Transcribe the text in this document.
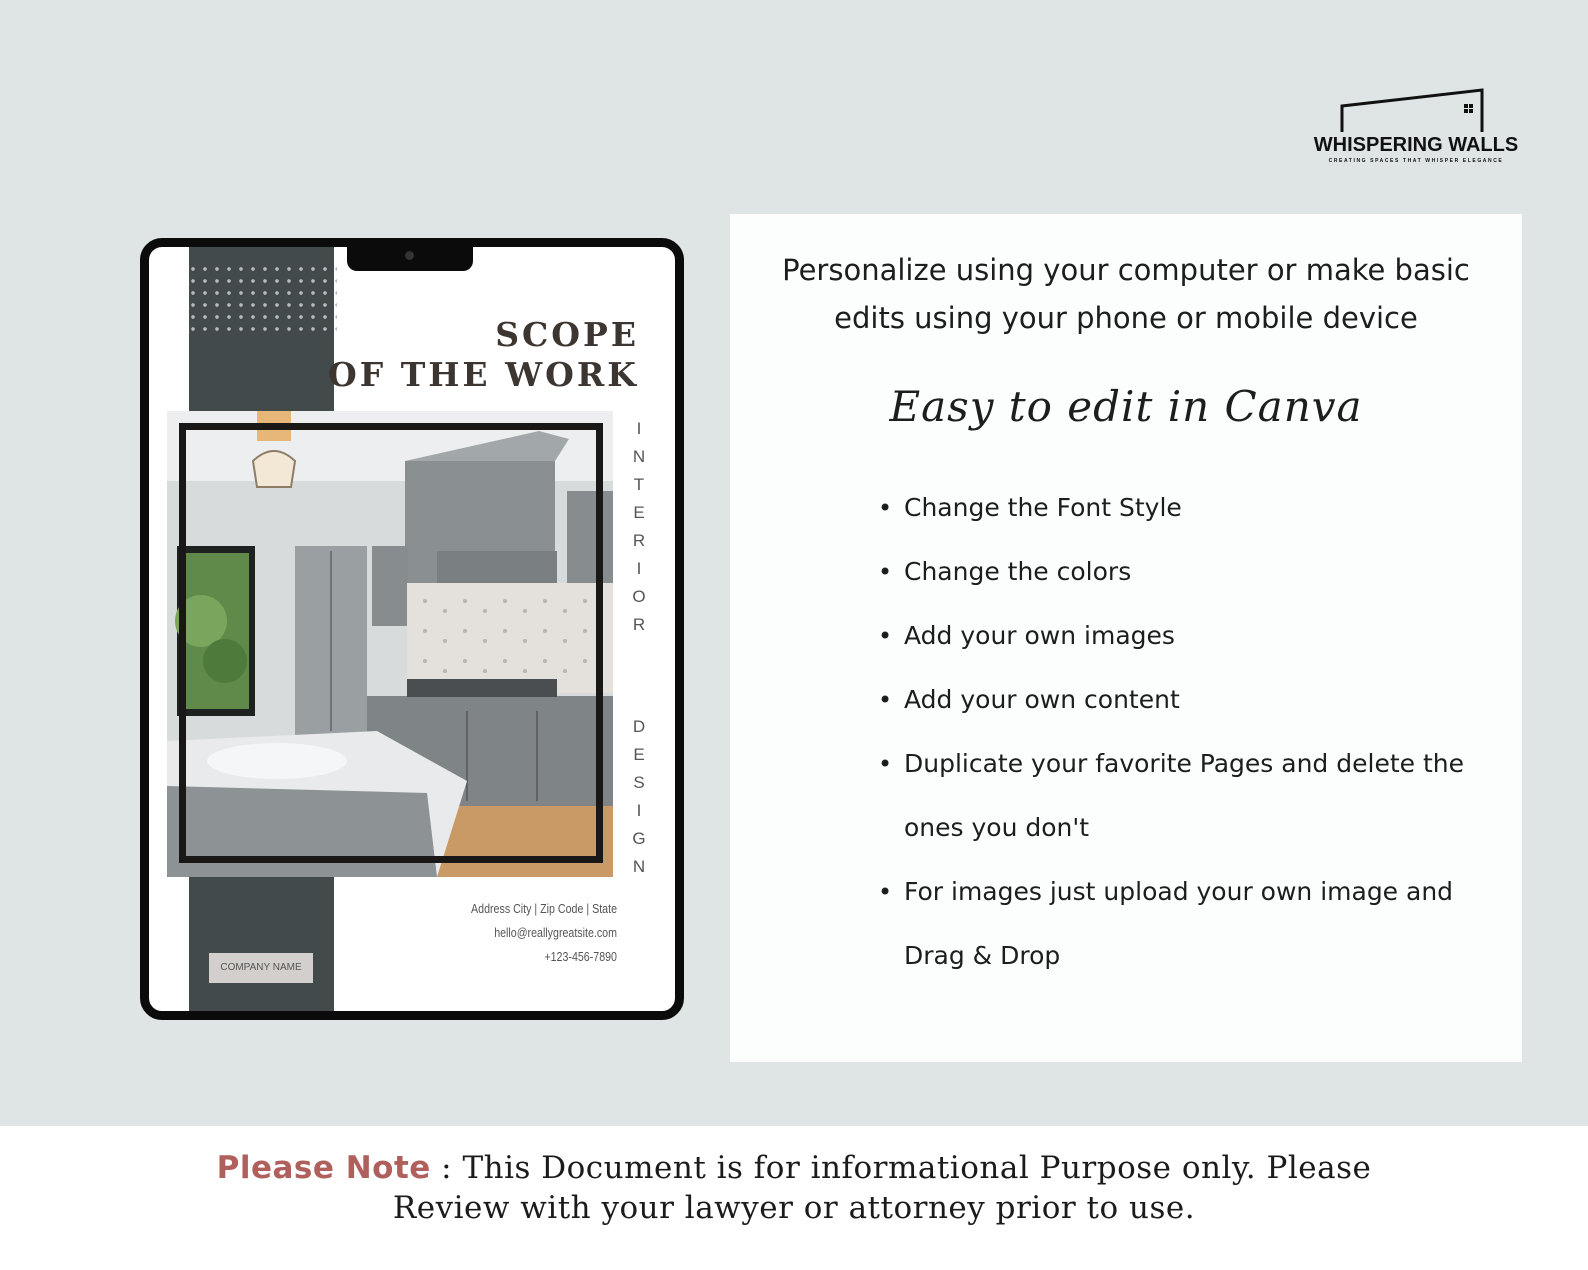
WHISPERING WALLS
CREATING SPACES THAT WHISPER ELEGANCE
SCOPE
OF THE WORK
I
N
T
E
R
I
O
R
D
E
S
I
G
N
Address City | Zip Code | State
hello@reallygreatsite.com
+123-456-7890
COMPANY NAME
Personalize using your computer or make basic
edits using your phone or mobile device
Easy to edit in Canva
• Change the Font Style
• Change the colors
• Add your own images
• Add your own content
• Duplicate your favorite Pages and delete the ones you don't
• For images just upload your own image and Drag & Drop
Please Note : This Document is for informational Purpose only. Please
Review with your lawyer or attorney prior to use.
